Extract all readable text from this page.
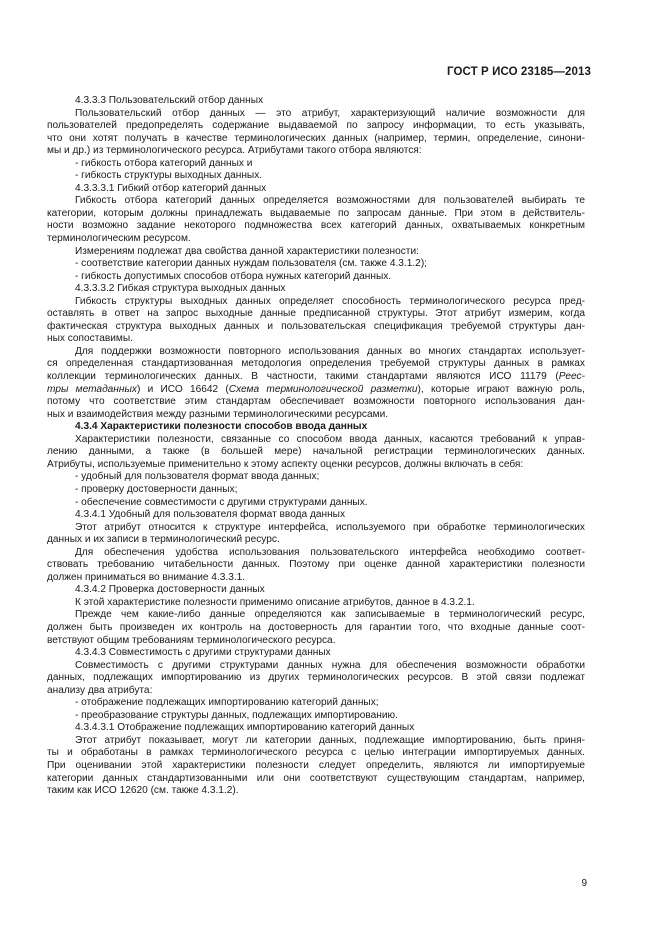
ГОСТ Р ИСО 23185—2013

4.3.3.3 Пользовательский отбор данных

Пользовательский отбор данных — это атрибут, характеризующий наличие возможности для

пользователей предопределять содержание выдаваемой по запросу информации, то есть указывать,

что они хотят получать в качестве терминологических данных (например, термин, определение, синони-

мы и др.) из терминологического ресурса. Атрибутами такого отбора являются:

- гибкость отбора категорий данных и

- гибкость структуры выходных данных.

4.3.3.3.1 Гибкий отбор категорий данных

Гибкость отбора категорий данных определяется возможностями для пользователей выбирать те

категории, которым должны принадлежать выдаваемые по запросам данные. При этом в действитель-

ности возможно задание некоторого подмножества всех категорий данных, охватываемых конкретным

терминологическим ресурсом.

Измерениям подлежат два свойства данной характеристики полезности:

- соответствие категории данных нуждам пользователя (см. также 4.3.1.2);

- гибкость допустимых способов отбора нужных категорий данных.

4.3.3.3.2 Гибкая структура выходных данных

Гибкость структуры выходных данных определяет способность терминологического ресурса пред-

оставлять в ответ на запрос выходные данные предписанной структуры. Этот атрибут измерим, когда

фактическая структура выходных данных и пользовательская спецификация требуемой структуры дан-

ных сопоставимы.

Для поддержки возможности повторного использования данных во многих стандартах использует-

ся определенная стандартизованная методология определения требуемой структуры данных в рамках

коллекции терминологических данных. В частности, такими стандартами являются ИСО 11179 (Реес-

тры метаданных) и ИСО 16642 (Схема терминологической разметки), которые играют важную роль,

потому что соответствие этим стандартам обеспечивает возможности повторного использования дан-

ных и взаимодействия между разными терминологическими ресурсами.

4.3.4 Характеристики полезности способов ввода данных

Характеристики полезности, связанные со способом ввода данных, касаются требований к управ-

лению данными, а также (в большей мере) начальной регистрации терминологических данных.

Атрибуты, используемые применительно к этому аспекту оценки ресурсов, должны включать в себя:

- удобный для пользователя формат ввода данных;

- проверку достоверности данных;

- обеспечение совместимости с другими структурами данных.

4.3.4.1 Удобный для пользователя формат ввода данных

Этот атрибут относится к структуре интерфейса, используемого при обработке терминологических

данных и их записи в терминологический ресурс.

Для обеспечения удобства использования пользовательского интерфейса необходимо соответ-

ствовать требованию читабельности данных. Поэтому при оценке данной характеристики полезности

должен приниматься во внимание 4.3.3.1.

4.3.4.2 Проверка достоверности данных

К этой характеристике полезности применимо описание атрибутов, данное в 4.3.2.1.

Прежде чем какие-либо данные определяются как записываемые в терминологический ресурс,

должен быть произведен их контроль на достоверность для гарантии того, что входные данные соот-

ветствуют общим требованиям терминологического ресурса.

4.3.4.3 Совместимость с другими структурами данных

Совместимость с другими структурами данных нужна для обеспечения возможности обработки

данных, подлежащих импортированию из других терминологических ресурсов. В этой связи подлежат

анализу два атрибута:

- отображение подлежащих импортированию категорий данных;

- преобразование структуры данных, подлежащих импортированию.

4.3.4.3.1 Отображение подлежащих импортированию категорий данных

Этот атрибут показывает, могут ли категории данных, подлежащие импортированию, быть приня-

ты и обработаны в рамках терминологического ресурса с целью интеграции импортируемых данных.

При оценивании этой характеристики полезности следует определить, являются ли импортируемые

категории данных стандартизованными или они соответствуют существующим стандартам, например,

таким как ИСО 12620 (см. также 4.3.1.2).

9
